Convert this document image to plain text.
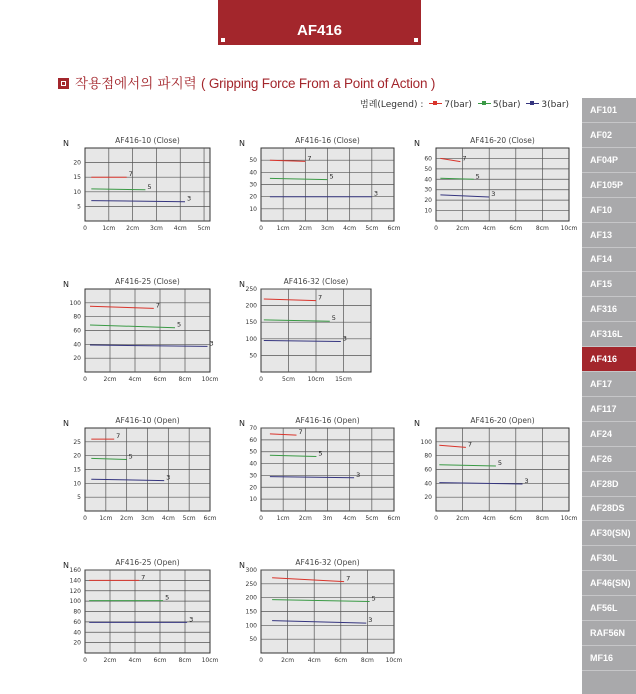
AF416
작용점에서의 파지력 ( Gripping Force From a Point of Action )
범례(Legend) : 7(bar) 5(bar) 3(bar)
AF416-10 (Close)
N
5
10
15
20
0	1cm 2cm 3cm 4cm 5cm
7
5
3
AF416-16 (Close)
N
10
20
30
40
50
0 1cm 2cm 3cm 4cm 5cm 6cm
7
5
3
AF416-20 (Close)
N
10
20
30
40
50
60
0	2cm 4cm 6cm 8cm 10cm
7
5
3
AF416-25 (Close)
N
20
40
60
80
100
0	2cm 4cm 6cm 8cm 10cm
7
5
3
AF416-32 (Close)
N
50
100
150
200
250
0	5cm 10cm 15cm
7
5
3
AF416-10 (Open)
N
5
10
15
20
25
0 1cm 2cm 3cm 4cm 5cm 6cm
7
5
3
AF416-16 (Open)
N
10
20
30
40
50
60
70
0 1cm 2cm 3m 4cm 5cm 6cm
7
5
3
AF416-20 (Open)
N
20
40
60
80
100
0	2cm 4cm 6cm 8cm 10cm
7
5
3
AF416-25 (Open)
N
20
40
60
80
100
120
140
160
0	2cm 4cm 6cm 8cm 10cm
7
5
3
AF416-32 (Open)
N
50
100
150
200
250
300
0	2cm 4cm 6cm 8cm 10cm
7
5
3
AF101
AF02
AF04P
AF105P
AF10
AF13
AF14
AF15
AF316
AF316L
AF416
AF17
AF117
AF24
AF26
AF28D
AF28DS
AF30(SN)
AF30L
AF46(SN)
AF56L
RAF56N
MF16
